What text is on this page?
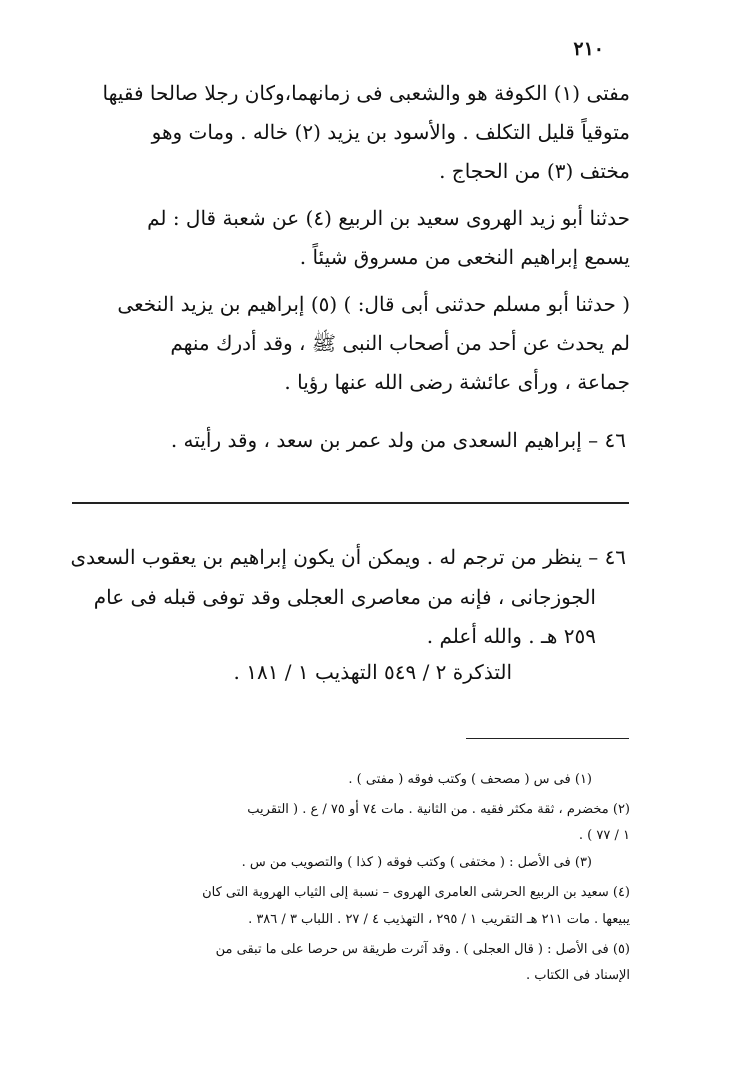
٢١٠
مفتى (١) الكوفة هو والشعبى فى زمانهما،وكان رجلا صالحا فقيها
متوقياً قليل التكلف . والأسود بن يزيد (٢) خاله . ومات وهو
مختف (٣) من الحجاج .
حدثنا أبو زيد الهروى سعيد بن الربيع (٤) عن شعبة قال : لم
يسمع إبراهيم النخعى من مسروق شيئاً .
( حدثنا أبو مسلم حدثنى أبى قال: ) (٥) إبراهيم بن يزيد النخعى
لم يحدث عن أحد من أصحاب النبى ﷺ ، وقد أدرك منهم
جماعة ، ورأى عائشة رضى الله عنها رؤيا .
٤٦ – إبراهيم السعدى من ولد عمر بن سعد ، وقد رأيته .
٤٦ – ينظر من ترجم له . ويمكن أن يكون إبراهيم بن يعقوب السعدى
الجوزجانى ، فإنه من معاصرى العجلى وقد توفى قبله فى عام
٢٥٩ هـ . والله أعلم .
التذكرة ٢ / ٥٤٩ التهذيب ١ / ١٨١ .
(١) فى س ( مصحف ) وكتب فوقه ( مفتى ) .
(٢) مخضرم ، ثقة مكثر فقيه . من الثانية . مات ٧٤ أو ٧٥ / ع . ( التقريب
١ / ٧٧ ) .
(٣) فى الأصل : ( مختفى ) وكتب فوقه ( كذا ) والتصويب من س .
(٤) سعيد بن الربيع الحرشى العامرى الهروى – نسبة إلى الثياب الهروية التى كان
يبيعها . مات ٢١١ هـ التقريب ١ / ٢٩٥ ، التهذيب ٤ / ٢٧ . اللباب ٣ / ٣٨٦ .
(٥) فى الأصل : ( قال العجلى ) . وقد آثرت طريقة س حرصا على ما تبقى من
الإسناد فى الكتاب .
